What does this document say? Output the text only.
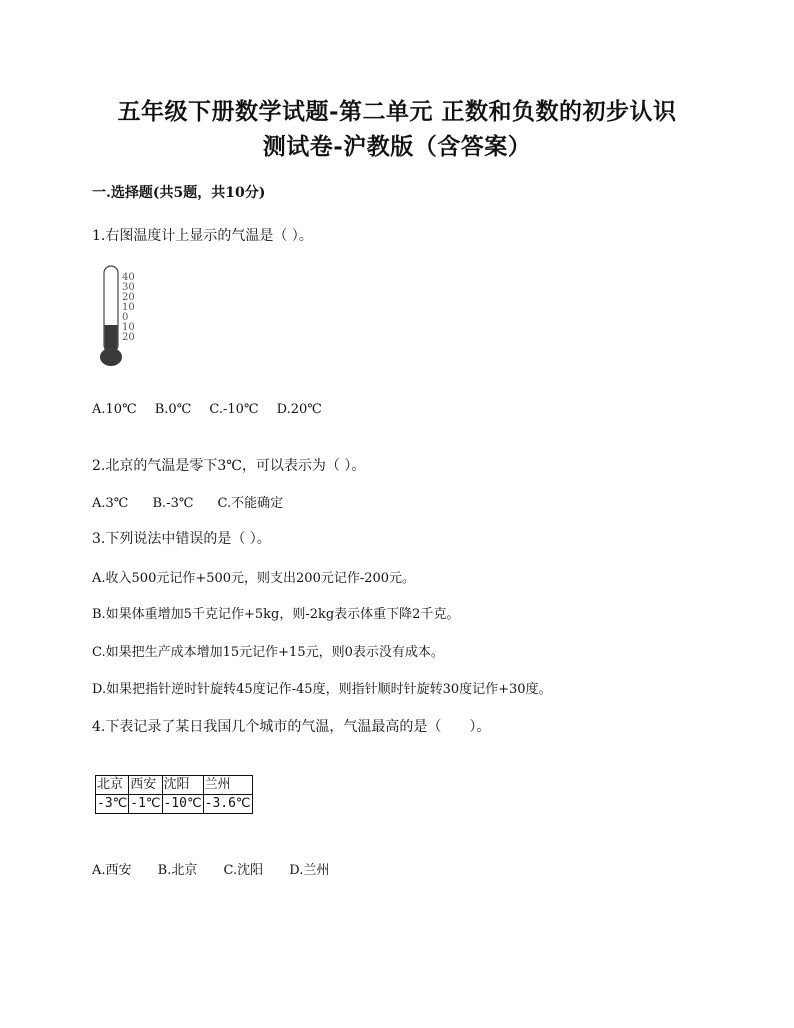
五年级下册数学试题-第二单元 正数和负数的初步认识
测试卷-沪教版（含答案）
一.选择题(共5题，共10分)
1.右图温度计上显示的气温是（ ）。
40
30
20
10
0
10
20
A.10℃ B.0℃ C.-10℃ D.20℃
2.北京的气温是零下3℃，可以表示为（ ）。
A.3℃ B.-3℃ C.不能确定
3.下列说法中错误的是（ ）。
A.收入500元记作+500元，则支出200元记作-200元。
B.如果体重增加5千克记作+5kg，则-2kg表示体重下降2千克。
C.如果把生产成本增加15元记作+15元，则0表示没有成本。
D.如果把指针逆时针旋转45度记作-45度，则指针顺时针旋转30度记作+30度。
4.下表记录了某日我国几个城市的气温，气温最高的是（　　）。
北京	西安	沈阳	兰州
-3℃	-1℃	-10℃	-3.6℃
A.西安 B.北京 C.沈阳 D.兰州
